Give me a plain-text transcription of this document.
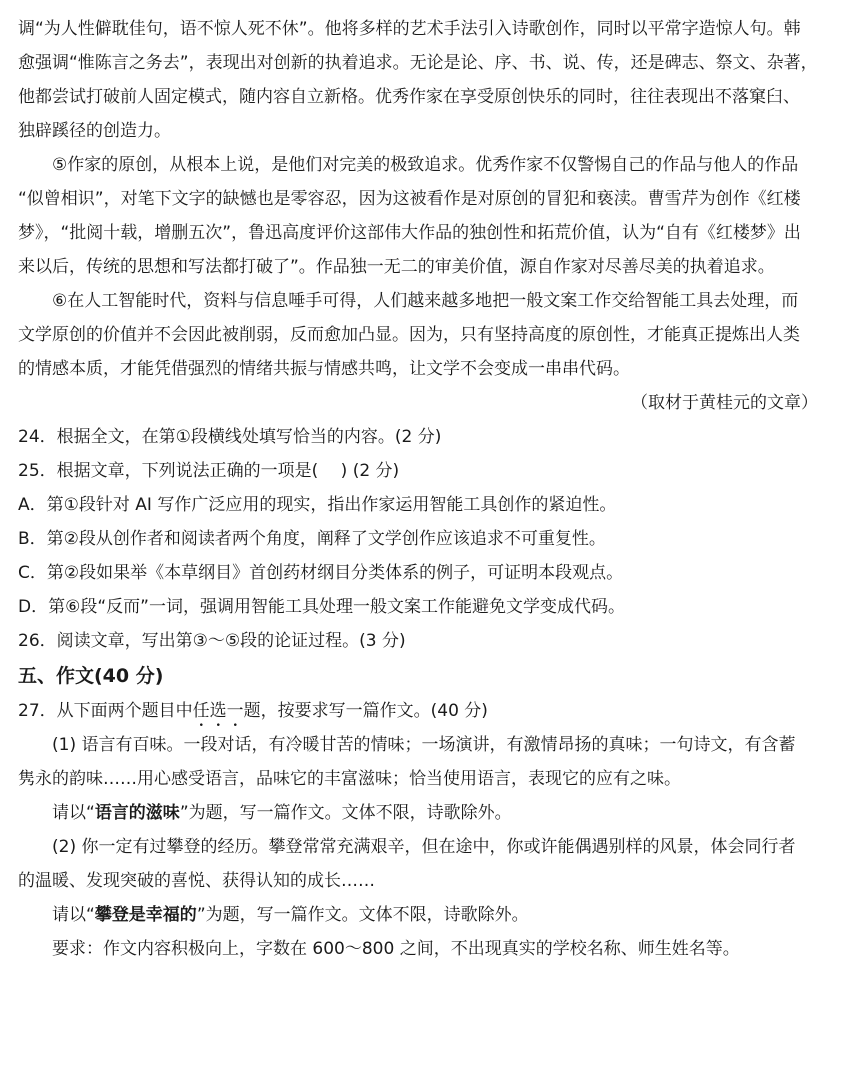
调“为人性僻耽佳句，语不惊人死不休”。他将多样的艺术手法引入诗歌创作，同时以平常字造惊人句。韩
愈强调“惟陈言之务去”，表现出对创新的执着追求。无论是论、序、书、说、传，还是碑志、祭文、杂著，
他都尝试打破前人固定模式，随内容自立新格。优秀作家在享受原创快乐的同时，往往表现出不落窠臼、
独辟蹊径的创造力。
⑤作家的原创，从根本上说，是他们对完美的极致追求。优秀作家不仅警惕自己的作品与他人的作品
“似曾相识”，对笔下文字的缺憾也是零容忍，因为这被看作是对原创的冒犯和亵渎。曹雪芹为创作《红楼
梦》，“批阅十载，增删五次”，鲁迅高度评价这部伟大作品的独创性和拓荒价值，认为“自有《红楼梦》出
来以后，传统的思想和写法都打破了”。作品独一无二的审美价值，源自作家对尽善尽美的执着追求。
⑥在人工智能时代，资料与信息唾手可得，人们越来越多地把一般文案工作交给智能工具去处理，而
文学原创的价值并不会因此被削弱，反而愈加凸显。因为，只有坚持高度的原创性，才能真正提炼出人类
的情感本质，才能凭借强烈的情绪共振与情感共鸣，让文学不会变成一串串代码。
（取材于黄桂元的文章）
24．根据全文，在第①段横线处填写恰当的内容。(2 分)
25．根据文章，下列说法正确的一项是(　 ) (2 分)
A．第①段针对 AI 写作广泛应用的现实，指出作家运用智能工具创作的紧迫性。
B．第②段从创作者和阅读者两个角度，阐释了文学创作应该追求不可重复性。
C．第②段如果举《本草纲目》首创药材纲目分类体系的例子，可证明本段观点。
D．第⑥段“反而”一词，强调用智能工具处理一般文案工作能避免文学变成代码。
26．阅读文章，写出第③～⑤段的论证过程。(3 分)
五、作文(40 分)
27．从下面两个题目中任选一题，按要求写一篇作文。(40 分)
(1) 语言有百味。一段对话，有冷暖甘苦的情味；一场演讲，有激情昂扬的真味；一句诗文，有含蓄
隽永的韵味……用心感受语言，品味它的丰富滋味；恰当使用语言，表现它的应有之味。
请以“语言的滋味”为题，写一篇作文。文体不限，诗歌除外。
(2) 你一定有过攀登的经历。攀登常常充满艰辛，但在途中，你或许能偶遇别样的风景，体会同行者
的温暖、发现突破的喜悦、获得认知的成长……
请以“攀登是幸福的”为题，写一篇作文。文体不限，诗歌除外。
要求：作文内容积极向上，字数在 600～800 之间，不出现真实的学校名称、师生姓名等。
